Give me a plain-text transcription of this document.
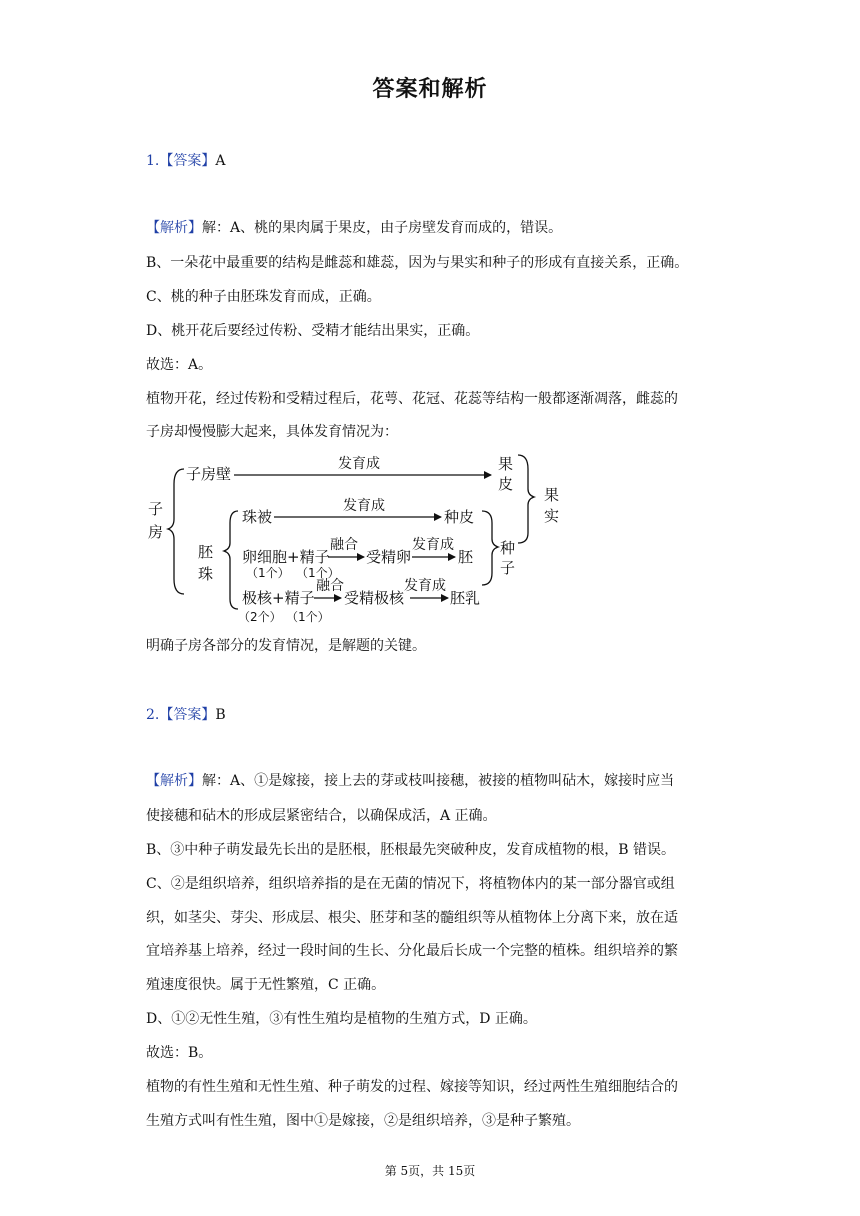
答案和解析
1.【答案】A
【解析】解：A、桃的果肉属于果皮，由子房壁发育而成的，错误。
B、一朵花中最重要的结构是雌蕊和雄蕊，因为与果实和种子的形成有直接关系，正确。
C、桃的种子由胚珠发育而成，正确。
D、桃开花后要经过传粉、受精才能结出果实，正确。
故选：A。
植物开花，经过传粉和受精过程后，花萼、花冠、花蕊等结构一般都逐渐凋落，雌蕊的
子房却慢慢膨大起来，具体发育情况为：
子
房
子房壁
发育成	果
皮
果
实
种
子
胚
珠
珠被
发育成
种皮
卵细胞+精子
（1个） （1个）
融合
受精卵
发育成
胚
极核+精子
（2个） （1个）
融合
受精极核
发育成
胚乳
明确子房各部分的发育情况，是解题的关键。
2.【答案】B
【解析】解：A、①是嫁接，接上去的芽或枝叫接穗，被接的植物叫砧木，嫁接时应当
使接穗和砧木的形成层紧密结合，以确保成活，A 正确。
B、③中种子萌发最先长出的是胚根，胚根最先突破种皮，发育成植物的根，B 错误。
C、②是组织培养，组织培养指的是在无菌的情况下，将植物体内的某一部分器官或组
织，如茎尖、芽尖、形成层、根尖、胚芽和茎的髓组织等从植物体上分离下来，放在适
宜培养基上培养，经过一段时间的生长、分化最后长成一个完整的植株。组织培养的繁
殖速度很快。属于无性繁殖，C 正确。
D、①②无性生殖，③有性生殖均是植物的生殖方式，D 正确。
故选：B。
植物的有性生殖和无性生殖、种子萌发的过程、嫁接等知识，经过两性生殖细胞结合的
生殖方式叫有性生殖，图中①是嫁接，②是组织培养，③是种子繁殖。
第 5页，共 15页
